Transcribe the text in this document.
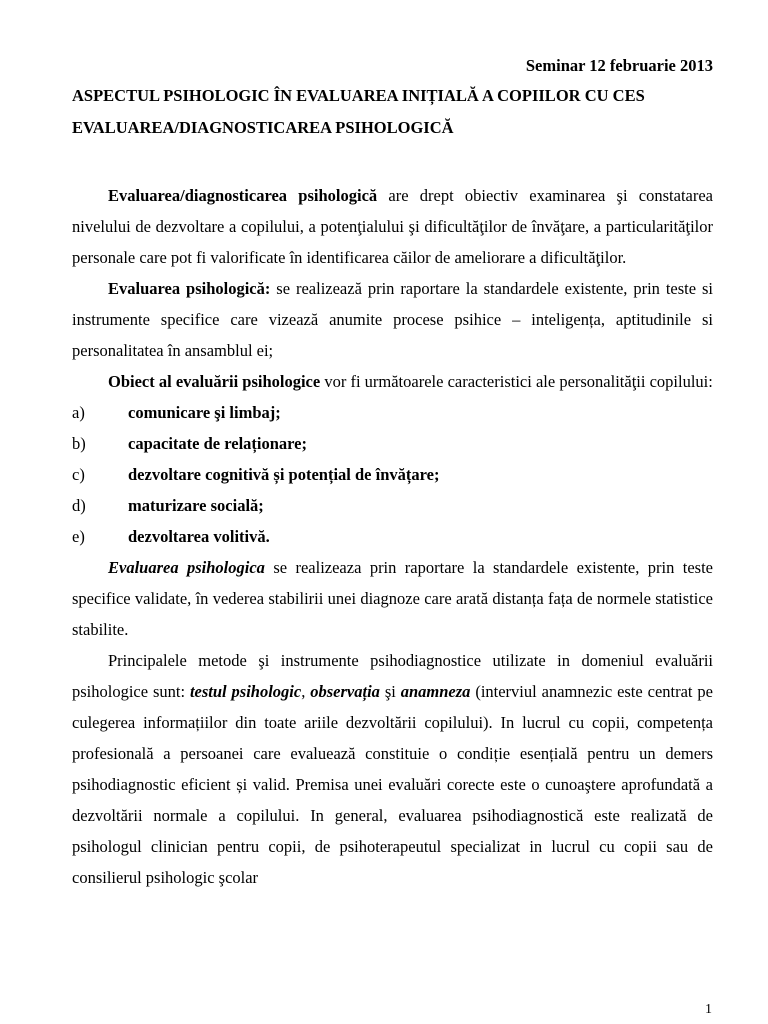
Seminar 12 februarie 2013
ASPECTUL PSIHOLOGIC ÎN EVALUAREA INIȚIALĂ A COPIILOR CU CES
EVALUAREA/DIAGNOSTICAREA PSIHOLOGICĂ

Evaluarea/diagnosticarea psihologică are drept obiectiv examinarea şi constatarea nivelului de dezvoltare a copilului, a potenţialului şi dificultăţilor de învăţare, a particularităţilor personale care pot fi valorificate în identificarea căilor de ameliorare a dificultăţilor.

Evaluarea psihologică: se realizează prin raportare la standardele existente, prin teste si instrumente specifice care vizează anumite procese psihice – inteligența, aptitudinile si personalitatea în ansamblul ei;

Obiect al evaluării psihologice vor fi următoarele caracteristici ale personalităţii copilului:

a)	comunicare şi limbaj;
b)	capacitate de relaționare;
c)	dezvoltare cognitivă și potențial de învățare;
d)	maturizare socială;
e)	dezvoltarea volitivă.

Evaluarea psihologica se realizeaza prin raportare la standardele existente, prin teste specifice validate, în vederea stabilirii unei diagnoze care arată distanța fața de normele statistice stabilite.

Principalele metode şi instrumente psihodiagnostice utilizate in domeniul evaluării psihologice sunt: testul psihologic, observația şi anamneza (interviul anamnezic este centrat pe culegerea informațiilor din toate ariile dezvoltării copilului). In lucrul cu copii, competența profesională a persoanei care evaluează constituie o condiție esențială pentru un demers psihodiagnostic eficient și valid. Premisa unei evaluări corecte este o cunoaştere aprofundată a dezvoltării normale a copilului. In general, evaluarea psihodiagnostică este realizată de psihologul clinician pentru copii, de psihoterapeutul specializat in lucrul cu copii sau de consilierul psihologic şcolar

1
